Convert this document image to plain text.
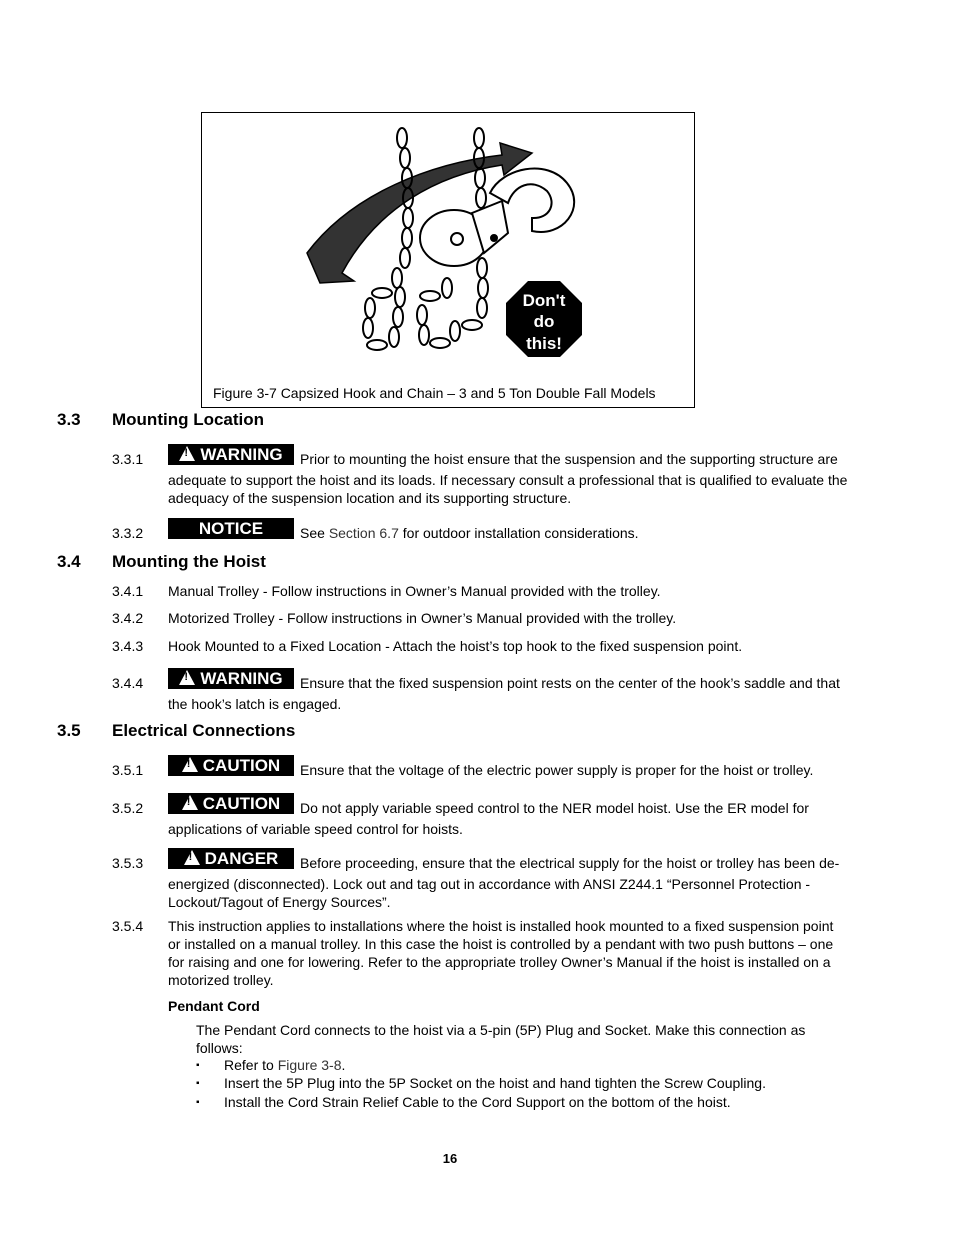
Don't
do
this!
Figure 3-7 Capsized Hook and Chain – 3 and 5 Ton Double Fall Models
3.3 Mounting Location
3.3.1 !	WARNING Prior to mounting the hoist ensure that the suspension and the supporting structure are adequate to support the hoist and its loads. If necessary consult a professional that is qualified to evaluate the adequacy of the suspension location and its supporting structure.
3.3.2	NOTICE	See Section 6.7 for outdoor installation considerations.
3.4 Mounting the Hoist
3.4.1 Manual Trolley - Follow instructions in Owner’s Manual provided with the trolley.
3.4.2 Motorized Trolley - Follow instructions in Owner’s Manual provided with the trolley.
3.4.3 Hook Mounted to a Fixed Location - Attach the hoist’s top hook to the fixed suspension point.
3.4.4 !	WARNING Ensure that the fixed suspension point rests on the center of the hook’s saddle and that the hook’s latch is engaged.
3.5 Electrical Connections
3.5.1 !	CAUTION Ensure that the voltage of the electric power supply is proper for the hoist or trolley.
3.5.2 !	CAUTION Do not apply variable speed control to the NER model hoist. Use the ER model for applications of variable speed control for hoists.
3.5.3 !	DANGER Before proceeding, ensure that the electrical supply for the hoist or trolley has been de-energized (disconnected). Lock out and tag out in accordance with ANSI Z244.1 “Personnel Protection -Lockout/Tagout of Energy Sources”.
3.5.4 This instruction applies to installations where the hoist is installed hook mounted to a fixed suspension point or installed on a manual trolley. In this case the hoist is controlled by a pendant with two push buttons – one for raising and one for lowering. Refer to the appropriate trolley Owner’s Manual if the hoist is installed on a motorized trolley.
Pendant Cord
The Pendant Cord connects to the hoist via a 5-pin (5P) Plug and Socket. Make this connection as follows:
▪ Refer to Figure 3-8.
▪ Insert the 5P Plug into the 5P Socket on the hoist and hand tighten the Screw Coupling.
▪ Install the Cord Strain Relief Cable to the Cord Support on the bottom of the hoist.
16
